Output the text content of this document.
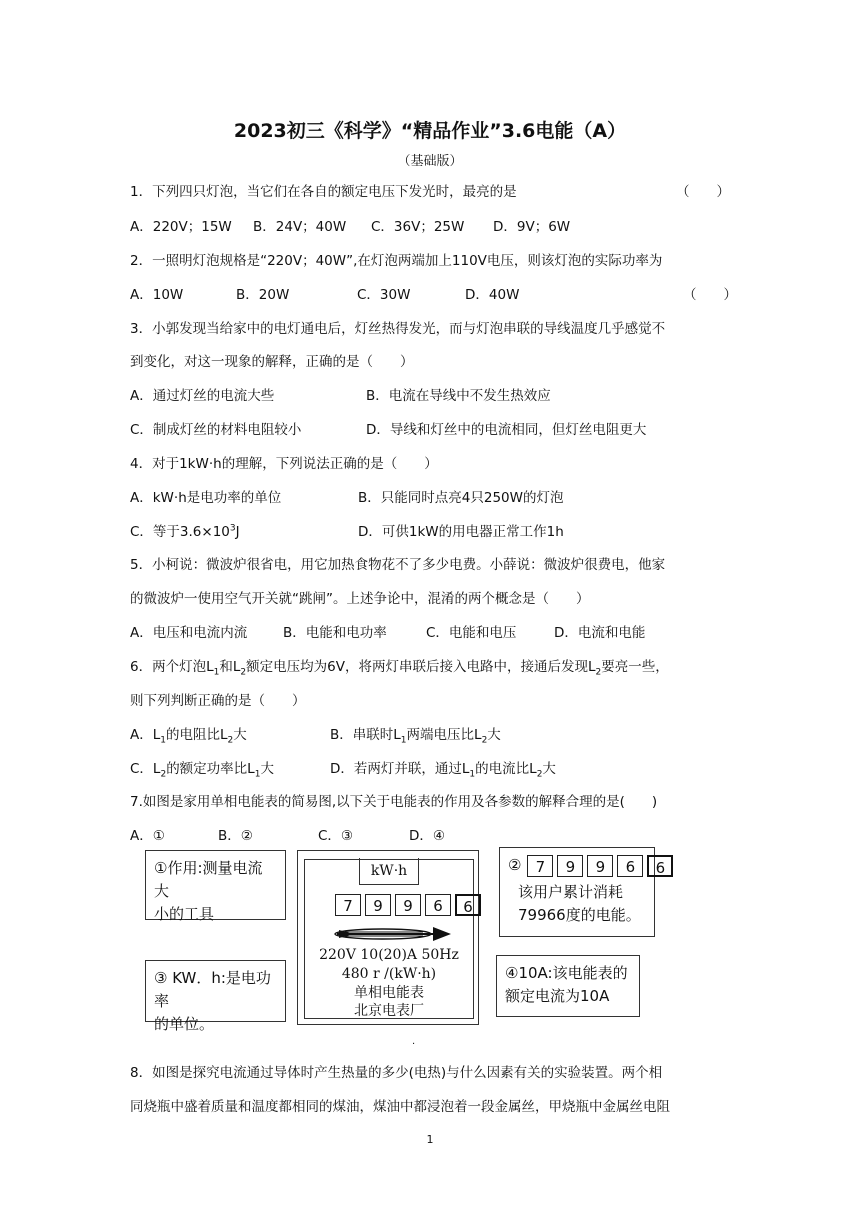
2023初三《科学》“精品作业”3.6电能（A）
（基础版）
1．下列四只灯泡，当它们在各自的额定电压下发光时，最亮的是	（　　）
A．220V；15W B．24V；40W C．36V；25W D．9V；6W
2．一照明灯泡规格是“220V；40W”,在灯泡两端加上110V电压，则该灯泡的实际功率为
A．10W	B．20W	C．30W	D．40W	（　　）
3．小郭发现当给家中的电灯通电后，灯丝热得发光，而与灯泡串联的导线温度几乎感觉不
到变化，对这一现象的解释，正确的是（　　）
A．通过灯丝的电流大些	B．电流在导线中不发生热效应
C．制成灯丝的材料电阻较小	D．导线和灯丝中的电流相同，但灯丝电阻更大
4．对于1kW·h的理解，下列说法正确的是（　　）
A．kW·h是电功率的单位	B．只能同时点亮4只250W的灯泡
C．等于$3.6\times 10^3J$	D．可供1kW的用电器正常工作1h
5．小柯说：微波炉很省电，用它加热食物花不了多少电费。小薛说：微波炉很费电，他家
的微波炉一使用空气开关就“跳闸”。上述争论中，混淆的两个概念是（　　）
A．电压和电流内流	B．电能和电功率	C．电能和电压	D．电流和电能
6．两个灯泡$L_1$和$L_2$额定电压均为6V，将两灯串联后接入电路中，接通后发现$L_2$要亮一些，
则下列判断正确的是（　　）
A．$L_1$的电阻比$L_2$大	B．串联时$L_1$两端电压比$L_2$大
C．$L_2$的额定功率比$L_1$大	D．若两灯并联，通过$L_1$的电流比$L_2$大
7.如图是家用单相电能表的简易图,以下关于电能表的作用及各参数的解释合理的是(　　)
A．①	B．②	C．③	D．④
①作用:测量电流大
小的工具
③ KW．h:是电功率
的单位。
kW·h
7	9	9	6	6
220V 10(20)A 50Hz
480 r /(kW·h)
单相电能表
北京电表厂
② 7	9	9	6	6
该用户累计消耗
79966度的电能。
④10A:该电能表的
额定电流为10A
.
8．如图是探究电流通过导体时产生热量的多少(电热)与什么因素有关的实验装置。两个相
同烧瓶中盛着质量和温度都相同的煤油，煤油中都浸泡着一段金属丝，甲烧瓶中金属丝电阻
1
